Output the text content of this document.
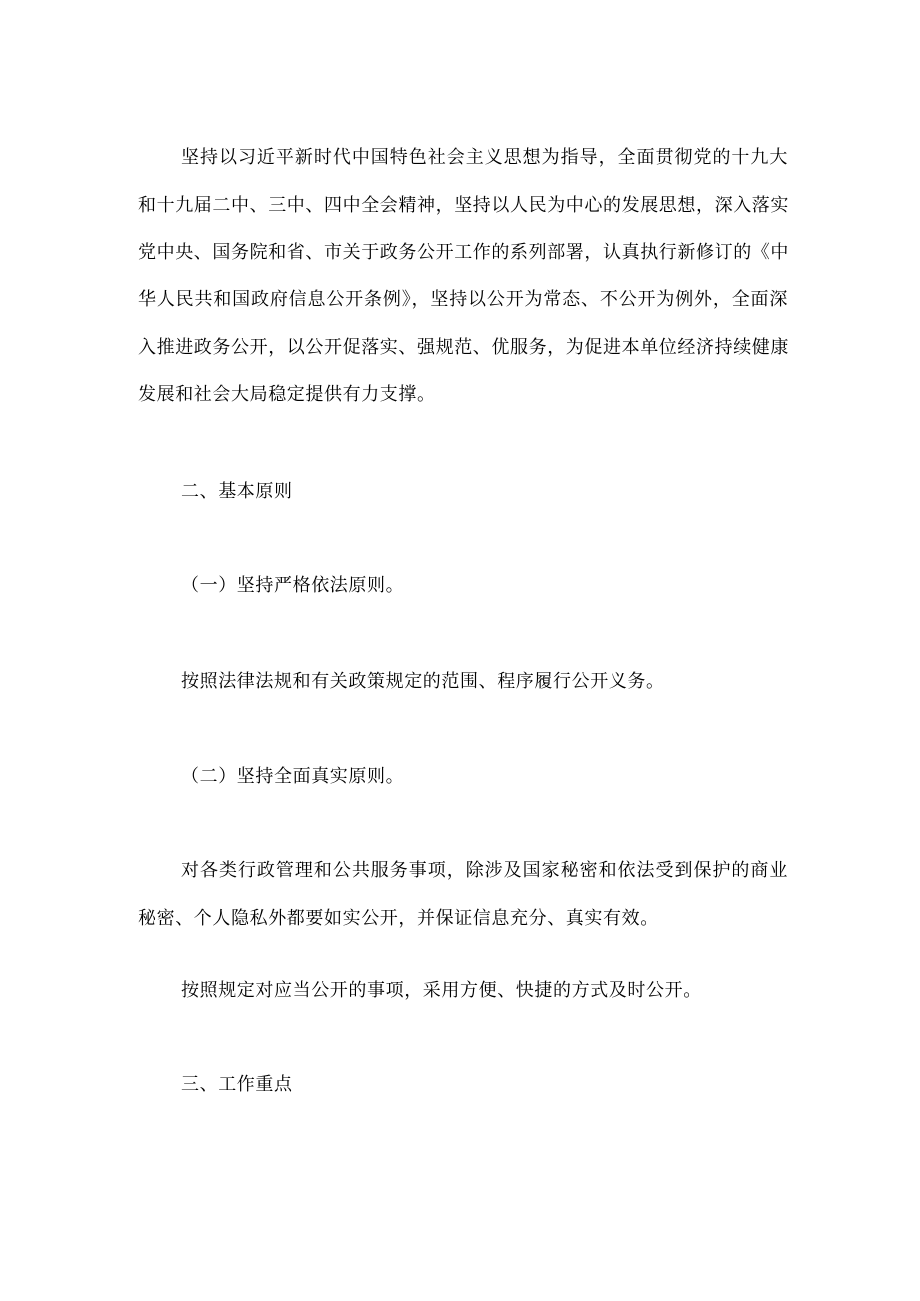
坚持以习近平新时代中国特色社会主义思想为指导，全面贯彻党的十九大
和十九届二中、三中、四中全会精神，坚持以人民为中心的发展思想，深入落实
党中央、国务院和省、市关于政务公开工作的系列部署，认真执行新修订的《中
华人民共和国政府信息公开条例》，坚持以公开为常态、不公开为例外，全面深
入推进政务公开，以公开促落实、强规范、优服务，为促进本单位经济持续健康
发展和社会大局稳定提供有力支撑。
二、基本原则
（一）坚持严格依法原则。
按照法律法规和有关政策规定的范围、程序履行公开义务。
（二）坚持全面真实原则。
对各类行政管理和公共服务事项，除涉及国家秘密和依法受到保护的商业
秘密、个人隐私外都要如实公开，并保证信息充分、真实有效。
按照规定对应当公开的事项，采用方便、快捷的方式及时公开。
三、工作重点
